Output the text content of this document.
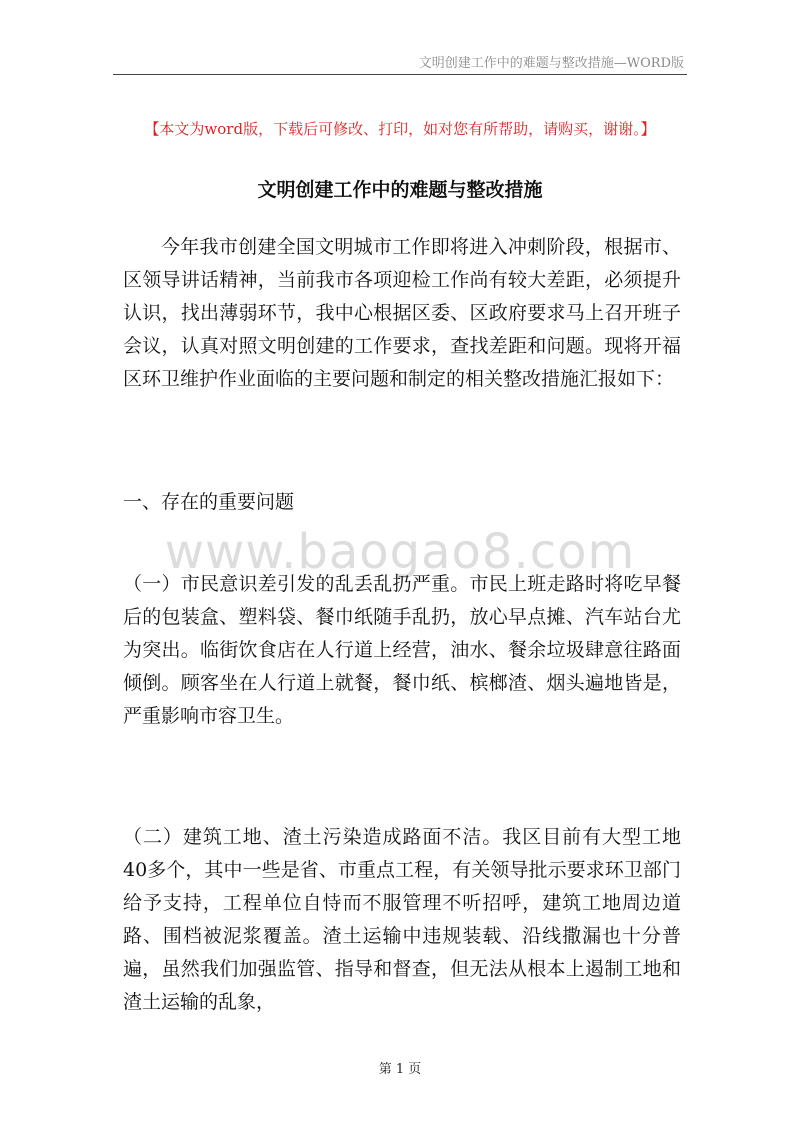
文明创建工作中的难题与整改措施—WORD版
【本文为word版，下载后可修改、打印，如对您有所帮助，请购买，谢谢。】
文明创建工作中的难题与整改措施

今年我市创建全国文明城市工作即将进入冲刺阶段，根据市、区领导讲话精神，当前我市各项迎检工作尚有较大差距，必须提升认识，找出薄弱环节，我中心根据区委、区政府要求马上召开班子会议，认真对照文明创建的工作要求，查找差距和问题。现将开福区环卫维护作业面临的主要问题和制定的相关整改措施汇报如下：

一、存在的重要问题

www.baogao8.com

（一）市民意识差引发的乱丢乱扔严重。市民上班走路时将吃早餐后的包装盒、塑料袋、餐巾纸随手乱扔，放心早点摊、汽车站台尤为突出。临街饮食店在人行道上经营，油水、餐余垃圾肆意往路面倾倒。顾客坐在人行道上就餐，餐巾纸、槟榔渣、烟头遍地皆是，严重影响市容卫生。

（二）建筑工地、渣土污染造成路面不洁。我区目前有大型工地 40多个，其中一些是省、市重点工程，有关领导批示要求环卫部门给予支持，工程单位自恃而不服管理不听招呼，建筑工地周边道路、围档被泥浆覆盖。渣土运输中违规装载、沿线撒漏也十分普遍，虽然我们加强监管、指导和督查，但无法从根本上遏制工地和渣土运输的乱象，

第 1 页
